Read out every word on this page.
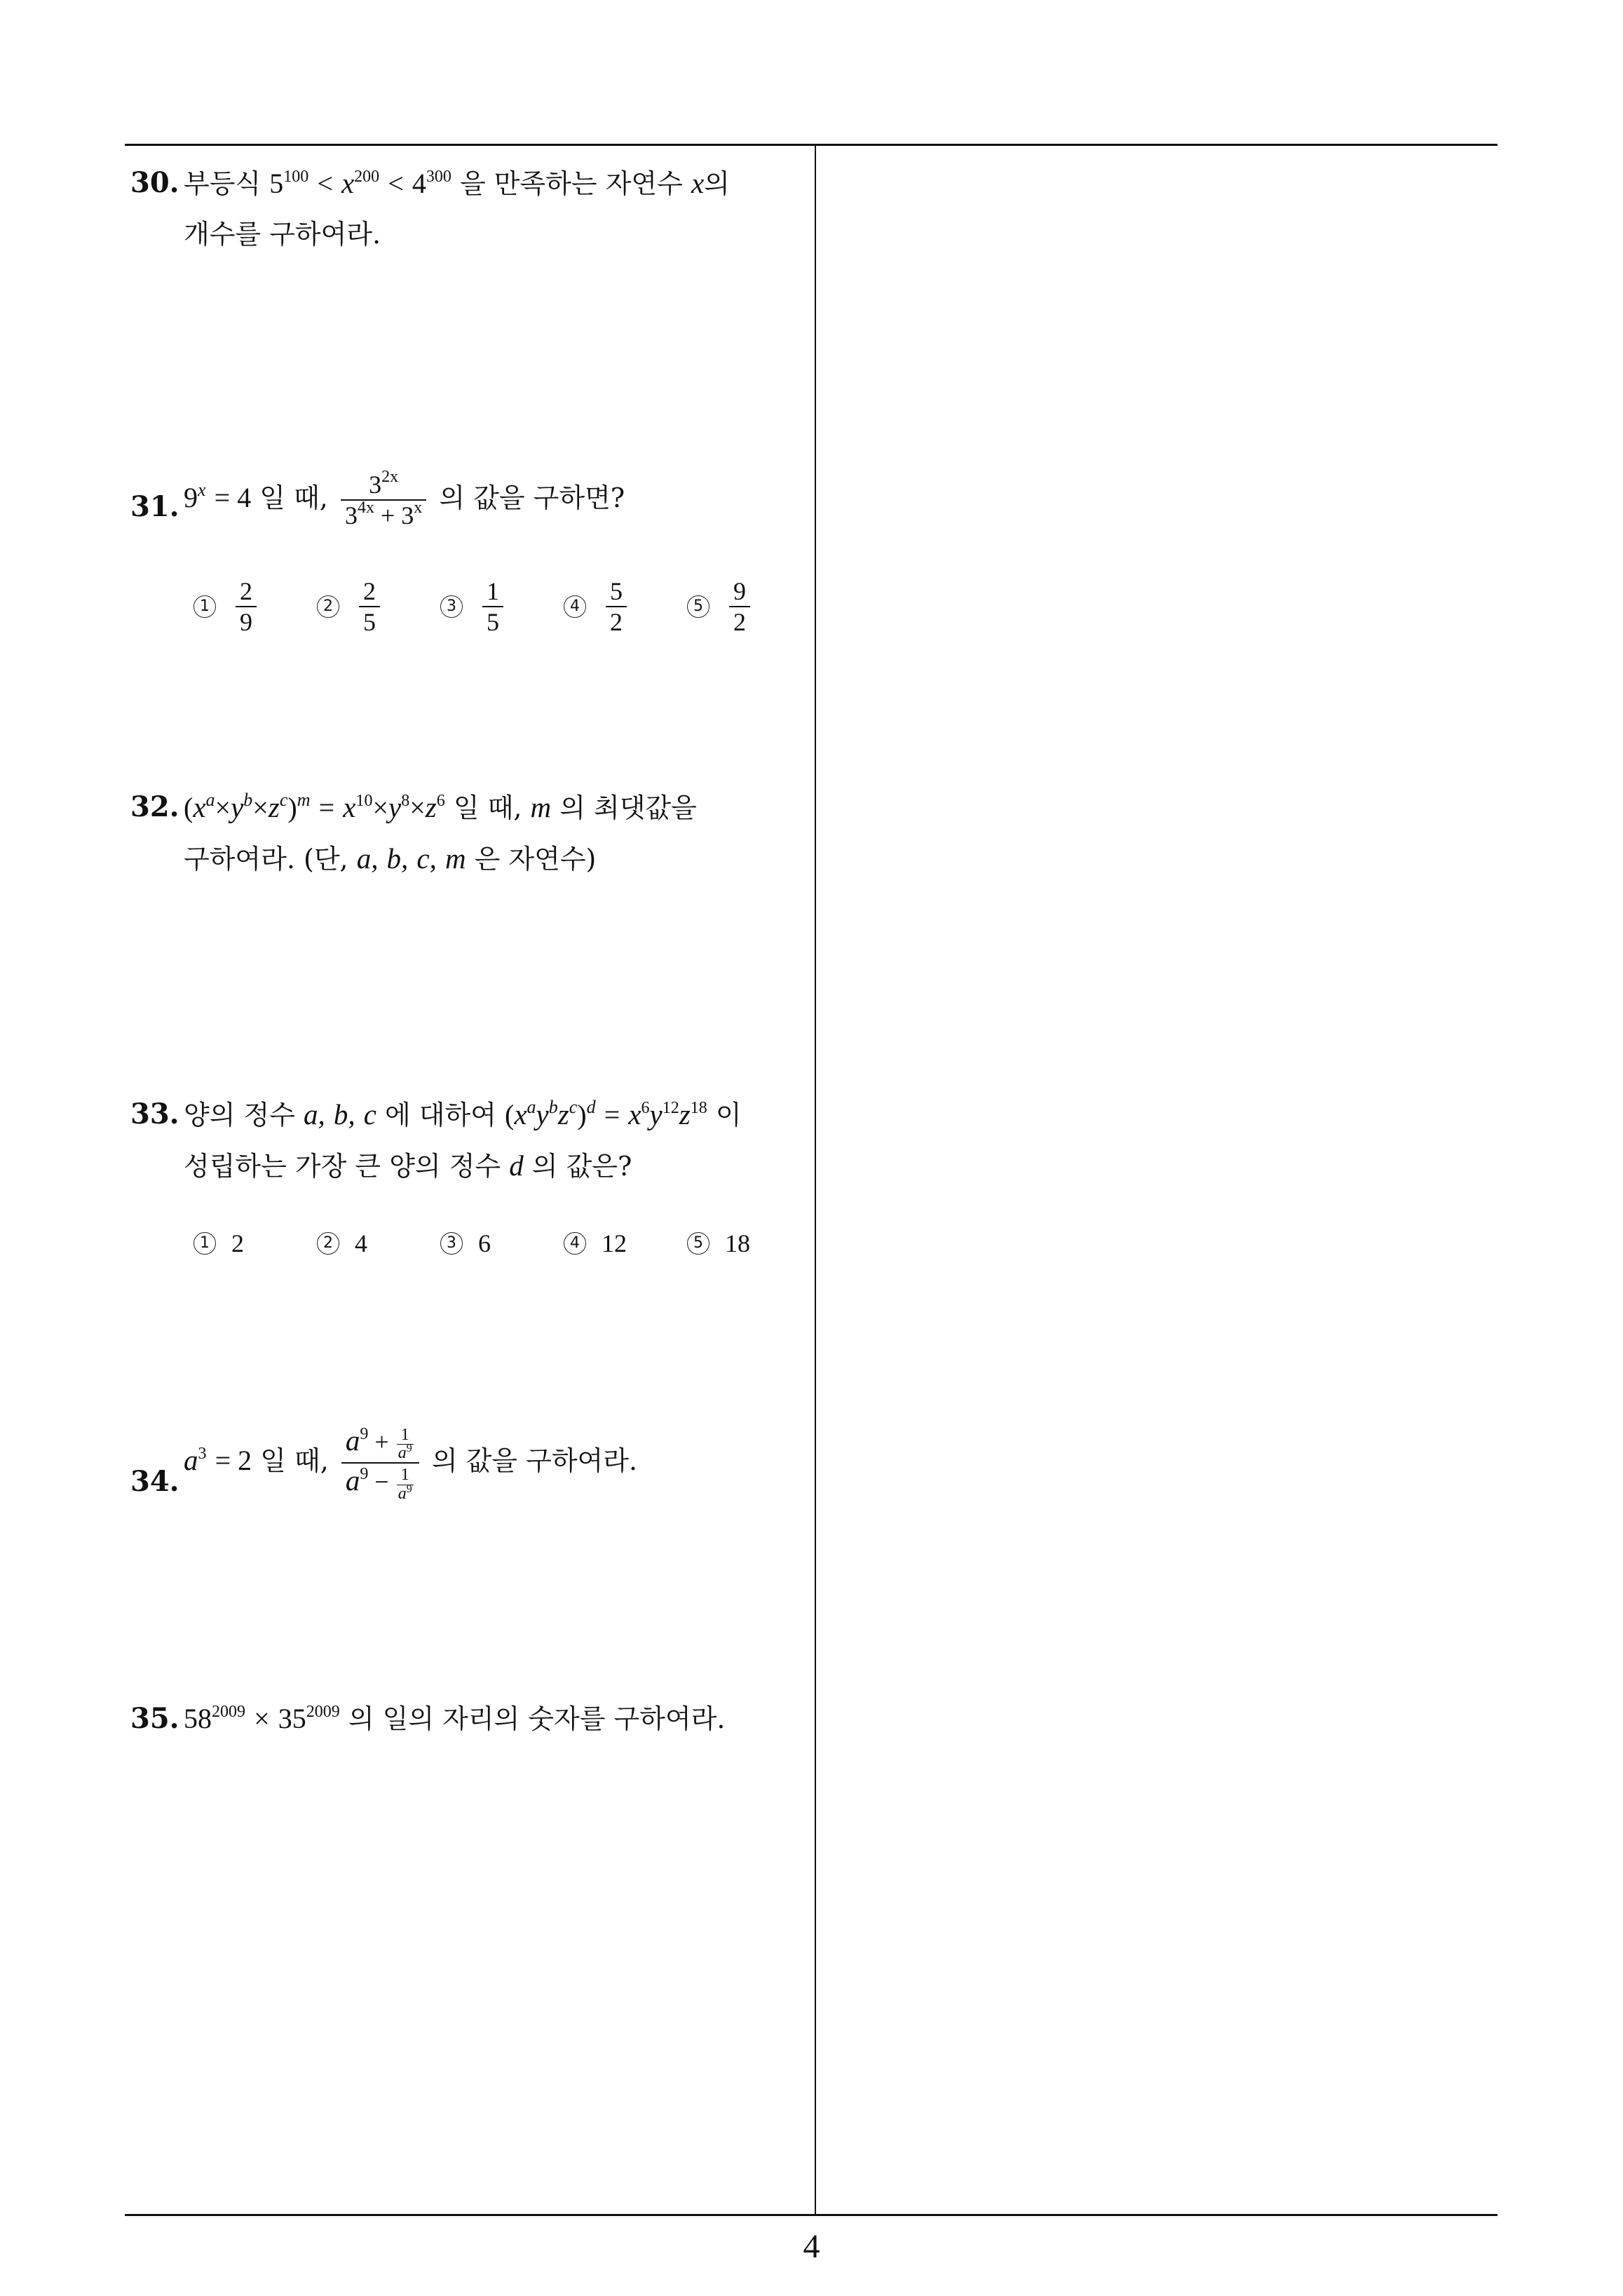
30. 부등식 $5^{100} < x^{200} < 4^{300}$ 을 만족하는 자연수 x의
개수를 구하여라.
31. $9^x = 4$ 일 때, $\frac{3^{2x}}{3^{4x} + 3^x}$ 의 값을 구하면?
$1 \frac{2}{9}$	$2 \frac{2}{5}$	$3 \frac{1}{5}$	$4 \frac{5}{2}$	$5 \frac{9}{2}$
32. $(x^a\times y^b\times z^c)^m = x^{10}\times y^8\times z^6$ 일 때, m 의 최댓값을
구하여라. (단, a, b, c, m 은 자연수)
33. 양의 정수 a, b, c 에 대하여 $(x^ay^bz^c)^d = x^6y^{12}z^{18}$ 이
성립하는 가장 큰 양의 정수 d 의 값은?
1 2	2 4	3 6	4 12	5 18
34.
$a^3 = 2$ 일 때, $\frac{a^9 + \frac{1}{a^9}}{a^9 - \frac{1}{a^9}}$ 의 값을 구하여라.
35. $58^{2009} \times 35^{2009}$ 의 일의 자리의 숫자를 구하여라.
4
